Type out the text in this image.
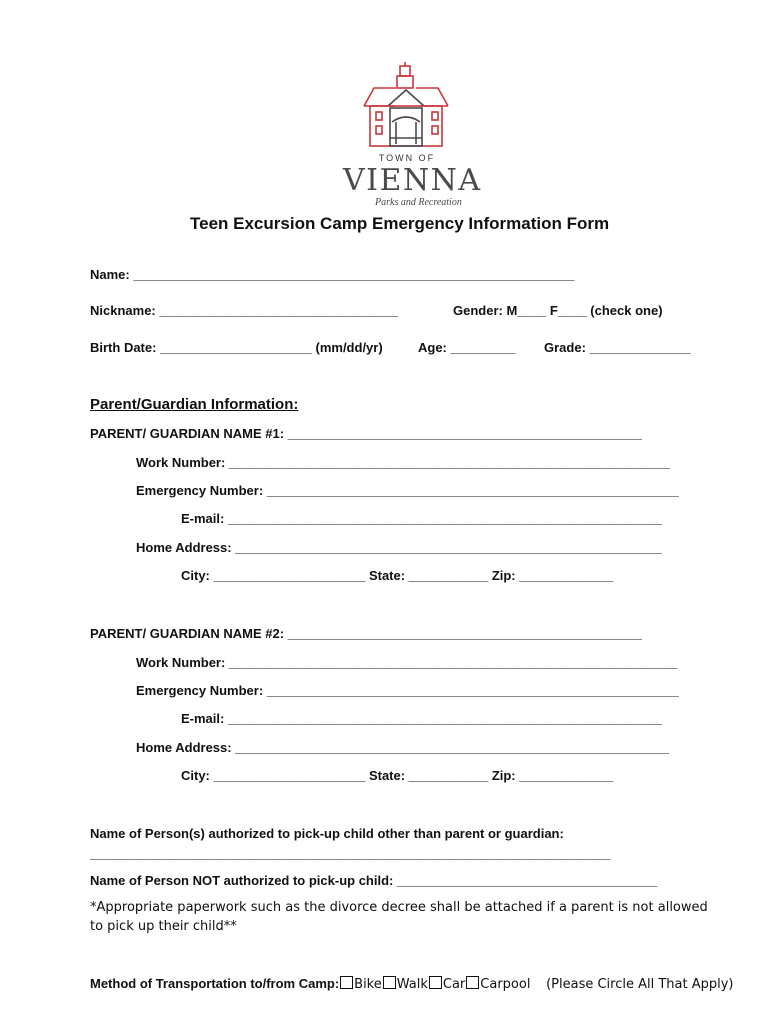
TOWN OF
VIENNA
Parks and Recreation
Teen Excursion Camp Emergency Information Form
Name: _____________________________________________________________
Nickname: _________________________________	Gender: M____ F____ (check one)
Birth Date: _____________________ (mm/dd/yr)	Age: _________ Grade: ______________
Parent/Guardian Information:
PARENT/ GUARDIAN NAME #1: _________________________________________________
Work Number: _____________________________________________________________
Emergency Number: _________________________________________________________
E-mail: ____________________________________________________________
Home Address: ___________________________________________________________
City: _____________________ State: ___________ Zip: _____________
PARENT/ GUARDIAN NAME #2: _________________________________________________
Work Number: ______________________________________________________________
Emergency Number: _________________________________________________________
E-mail: ____________________________________________________________
Home Address: ____________________________________________________________
City: _____________________ State: ___________ Zip: _____________
Name of Person(s) authorized to pick-up child other than parent or guardian:
________________________________________________________________________
Name of Person NOT authorized to pick-up child: ____________________________________
*Appropriate paperwork such as the divorce decree shall be attached if a parent is not allowed to pick up their child**
Method of Transportation to/from Camp: Bike Walk Car Carpool (Please Circle All That Apply)
